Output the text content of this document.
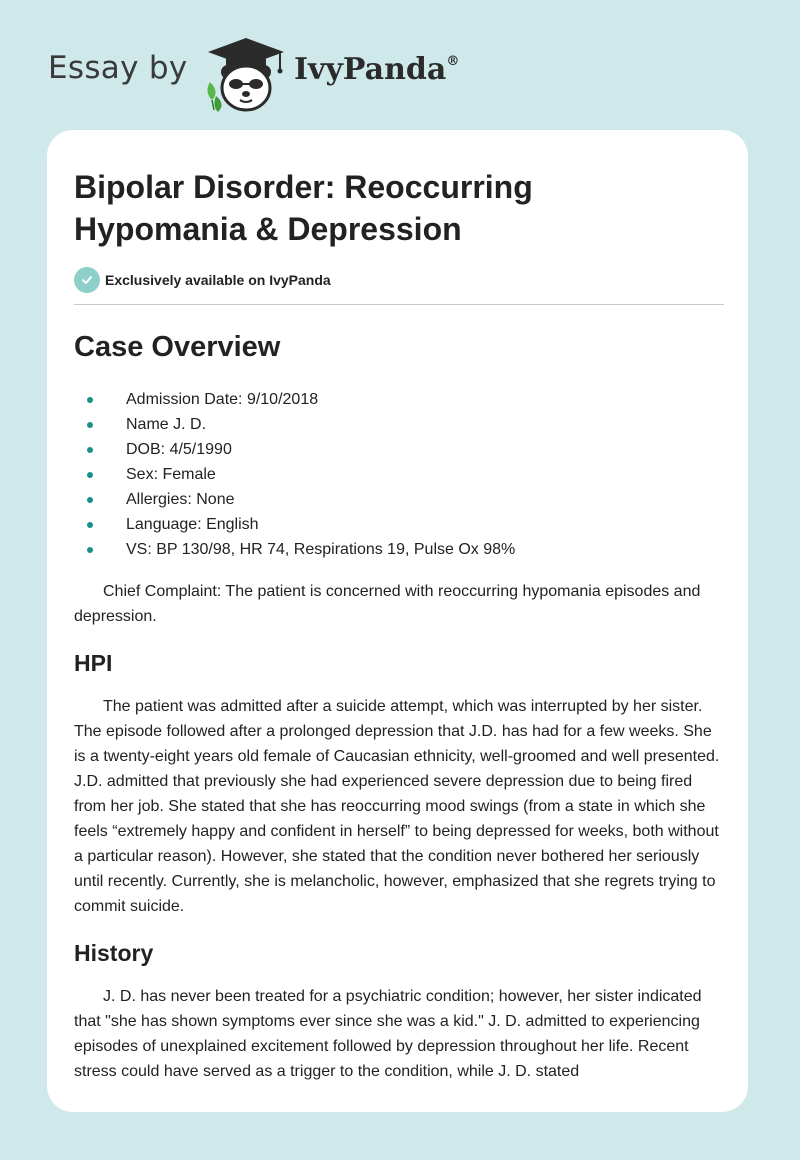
Essay by	IvyPanda®
Bipolar Disorder: Reoccurring Hypomania & Depression
Exclusively available on IvyPanda
Case Overview
Admission Date: 9/10/2018
Name J. D.
DOB: 4/5/1990
Sex: Female
Allergies: None
Language: English
VS: BP 130/98, HR 74, Respirations 19, Pulse Ox 98%

Chief Complaint: The patient is concerned with reoccurring hypomania episodes and depression.

HPI

The patient was admitted after a suicide attempt, which was interrupted by her sister. The episode followed after a prolonged depression that J.D. has had for a few weeks. She is a twenty-eight years old female of Caucasian ethnicity, well-groomed and well presented. J.D. admitted that previously she had experienced severe depression due to being fired from her job. She stated that she has reoccurring mood swings (from a state in which she feels “extremely happy and confident in herself” to being depressed for weeks, both without a particular reason). However, she stated that the condition never bothered her seriously until recently. Currently, she is melancholic, however, emphasized that she regrets trying to commit suicide.

History

J. D. has never been treated for a psychiatric condition; however, her sister indicated that "she has shown symptoms ever since she was a kid." J. D. admitted to experiencing episodes of unexplained excitement followed by depression throughout her life. Recent stress could have served as a trigger to the condition, while J. D. stated
